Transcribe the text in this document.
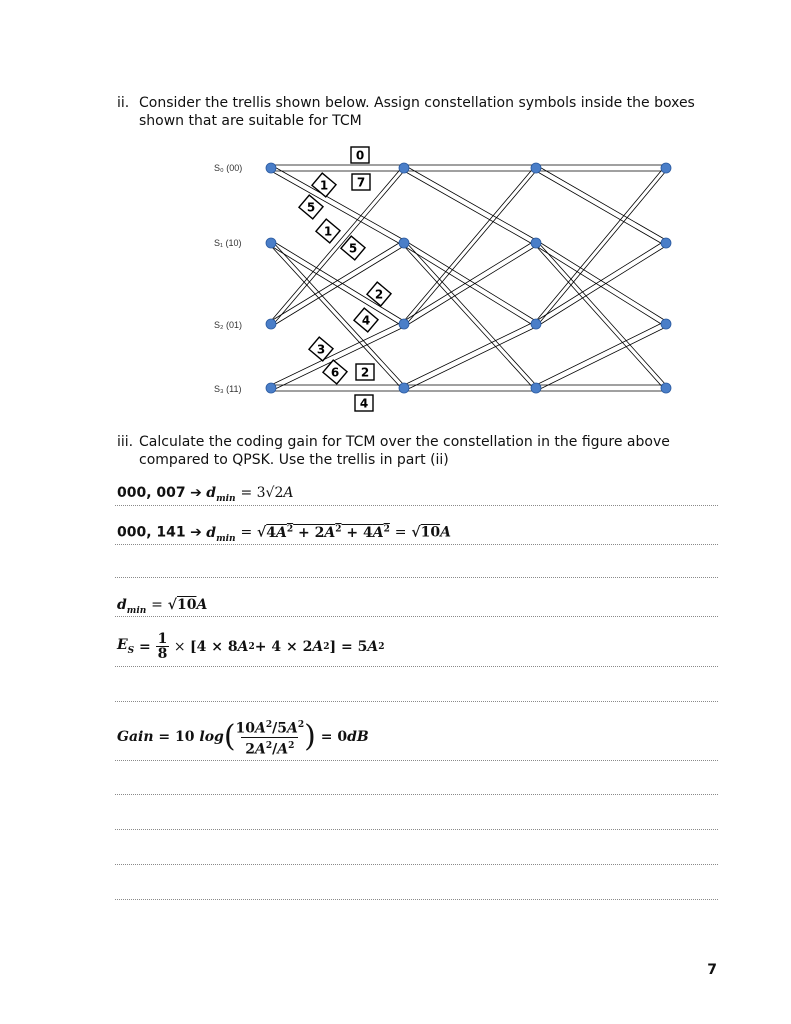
ii. Consider the trellis shown below. Assign constellation symbols inside the boxes
shown that are suitable for TCM
S₀ (00)
S₁ (10)
S₂ (01)
S₃ (11)
0
7
1
5
1
5
2
4
3
6 2
4
iii. Calculate the coding gain for TCM over the constellation in the figure above
compared to QPSK. Use the trellis in part (ii)
000, 007 ➔ $d_{min} = 3√2A$
000, 141 ➔ $d_{min} = √4A^2 + 2A^2 + 4A^2 = √10A$
$d_{min} = √10A$
$E_S = \frac{1}{8} \times [4 \times 8$ A 2 + 4 × 2 A 2 ] = 5 A 2
Gain = 10 log ( $10A^2/5A^2$
$2A^2/A^2$ ) = 0 dB
7
